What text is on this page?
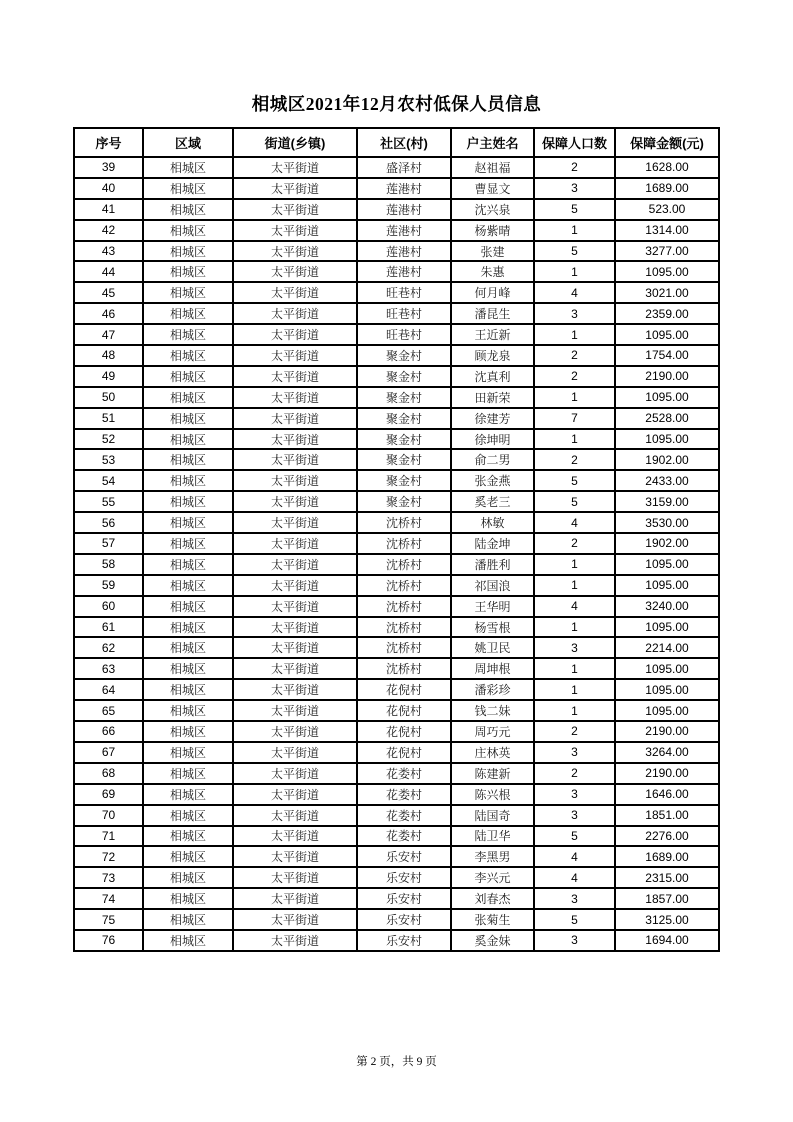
相城区2021年12月农村低保人员信息
序号	区域	街道(乡镇)	社区(村)	户主姓名	保障人口数	保障金额(元)
39	相城区	太平街道	盛泽村	赵祖福	2	1628.00
40	相城区	太平街道	莲港村	曹显文	3	1689.00
41	相城区	太平街道	莲港村	沈兴泉	5	523.00
42	相城区	太平街道	莲港村	杨紫晴	1	1314.00
43	相城区	太平街道	莲港村	张建	5	3277.00
44	相城区	太平街道	莲港村	朱惠	1	1095.00
45	相城区	太平街道	旺巷村	何月峰	4	3021.00
46	相城区	太平街道	旺巷村	潘昆生	3	2359.00
47	相城区	太平街道	旺巷村	王近新	1	1095.00
48	相城区	太平街道	聚金村	顾龙泉	2	1754.00
49	相城区	太平街道	聚金村	沈真利	2	2190.00
50	相城区	太平街道	聚金村	田新荣	1	1095.00
51	相城区	太平街道	聚金村	徐建芳	7	2528.00
52	相城区	太平街道	聚金村	徐坤明	1	1095.00
53	相城区	太平街道	聚金村	俞二男	2	1902.00
54	相城区	太平街道	聚金村	张金燕	5	2433.00
55	相城区	太平街道	聚金村	奚老三	5	3159.00
56	相城区	太平街道	沈桥村	林敏	4	3530.00
57	相城区	太平街道	沈桥村	陆金坤	2	1902.00
58	相城区	太平街道	沈桥村	潘胜利	1	1095.00
59	相城区	太平街道	沈桥村	祁国浪	1	1095.00
60	相城区	太平街道	沈桥村	王华明	4	3240.00
61	相城区	太平街道	沈桥村	杨雪根	1	1095.00
62	相城区	太平街道	沈桥村	姚卫民	3	2214.00
63	相城区	太平街道	沈桥村	周坤根	1	1095.00
64	相城区	太平街道	花倪村	潘彩珍	1	1095.00
65	相城区	太平街道	花倪村	钱二妹	1	1095.00
66	相城区	太平街道	花倪村	周巧元	2	2190.00
67	相城区	太平街道	花倪村	庄林英	3	3264.00
68	相城区	太平街道	花娄村	陈建新	2	2190.00
69	相城区	太平街道	花娄村	陈兴根	3	1646.00
70	相城区	太平街道	花娄村	陆国奇	3	1851.00
71	相城区	太平街道	花娄村	陆卫华	5	2276.00
72	相城区	太平街道	乐安村	李黑男	4	1689.00
73	相城区	太平街道	乐安村	李兴元	4	2315.00
74	相城区	太平街道	乐安村	刘春杰	3	1857.00
75	相城区	太平街道	乐安村	张菊生	5	3125.00
76	相城区	太平街道	乐安村	奚金妹	3	1694.00
第 2 页，共 9 页
